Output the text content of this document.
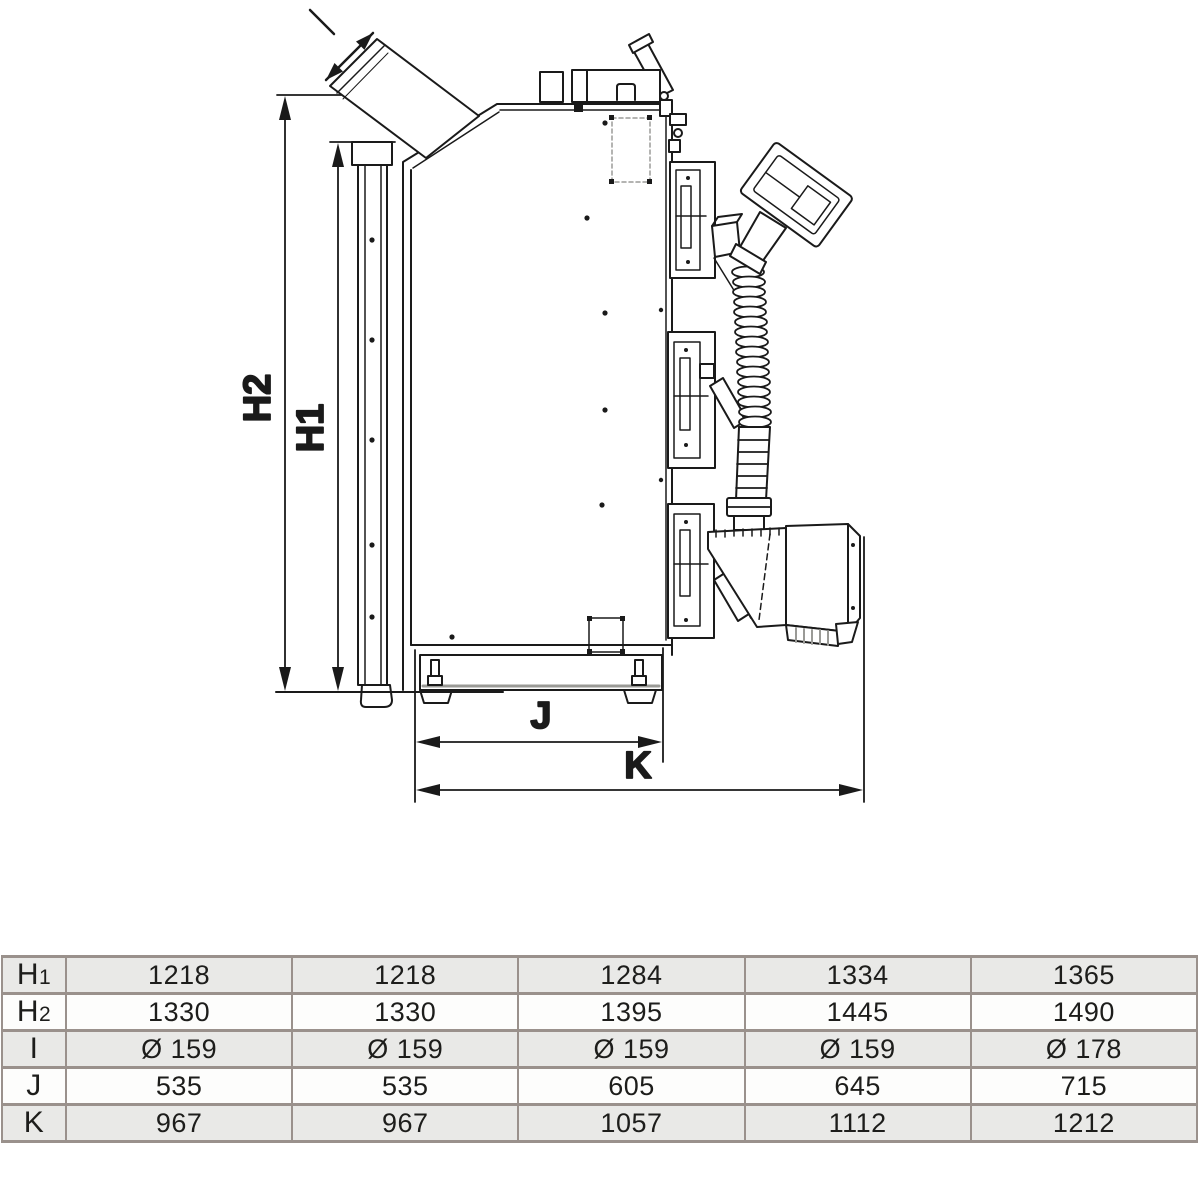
H2
H1
J
K
H1	1218	1218	1284	1334	1365
H2	1330	1330	1395	1445	1490
I	Ø 159	Ø 159	Ø 159	Ø 159	Ø 178
J	535	535	605	645	715
K	967	967	1057	1112	1212
